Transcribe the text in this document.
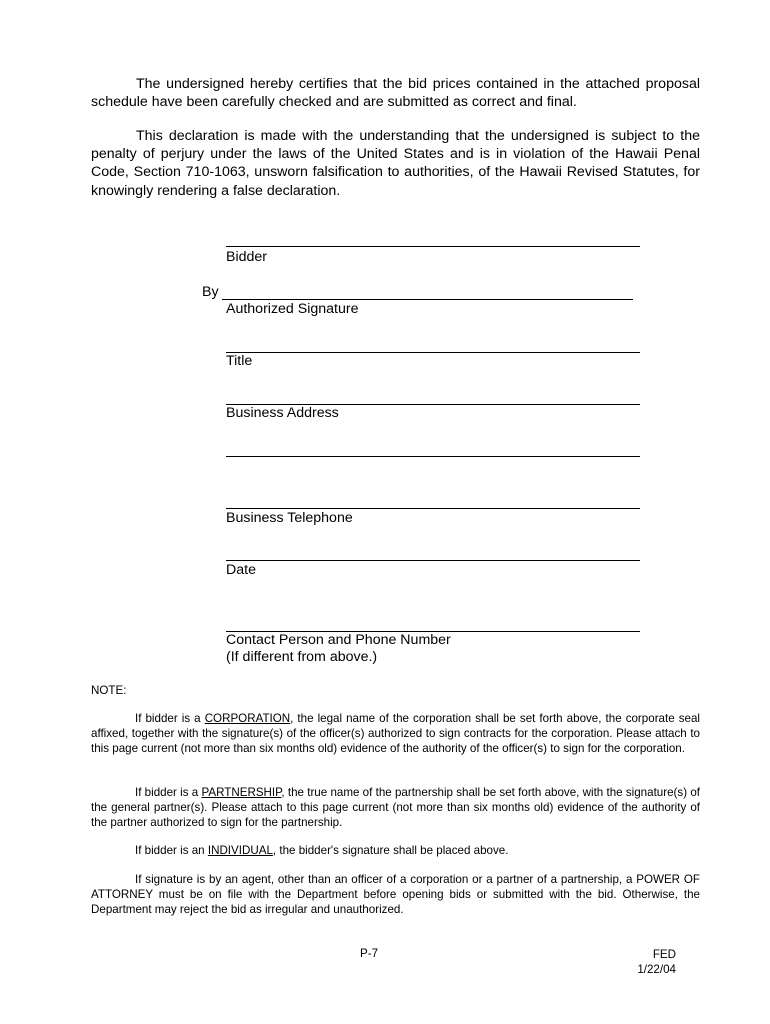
The undersigned hereby certifies that the bid prices contained in the attached proposal schedule have been carefully checked and are submitted as correct and final.

This declaration is made with the understanding that the undersigned is subject to the penalty of perjury under the laws of the United States and is in violation of the Hawaii Penal Code, Section 710-1063, unsworn falsification to authorities, of the Hawaii Revised Statutes, for knowingly rendering a false declaration.

Bidder
Authorized Signature
Title
Business Address
Business Telephone
Date
Contact Person and Phone Number
(If different from above.)
By
NOTE:

If bidder is a CORPORATION, the legal name of the corporation shall be set forth above, the corporate seal affixed, together with the signature(s) of the officer(s) authorized to sign contracts for the corporation. Please attach to this page current (not more than six months old) evidence of the authority of the officer(s) to sign for the corporation.

If bidder is a PARTNERSHIP, the true name of the partnership shall be set forth above, with the signature(s) of the general partner(s). Please attach to this page current (not more than six months old) evidence of the authority of the partner authorized to sign for the partnership.

If bidder is an INDIVIDUAL, the bidder's signature shall be placed above.

If signature is by an agent, other than an officer of a corporation or a partner of a partnership, a POWER OF ATTORNEY must be on file with the Department before opening bids or submitted with the bid. Otherwise, the Department may reject the bid as irregular and unauthorized.

P-7	FED
1/22/04
